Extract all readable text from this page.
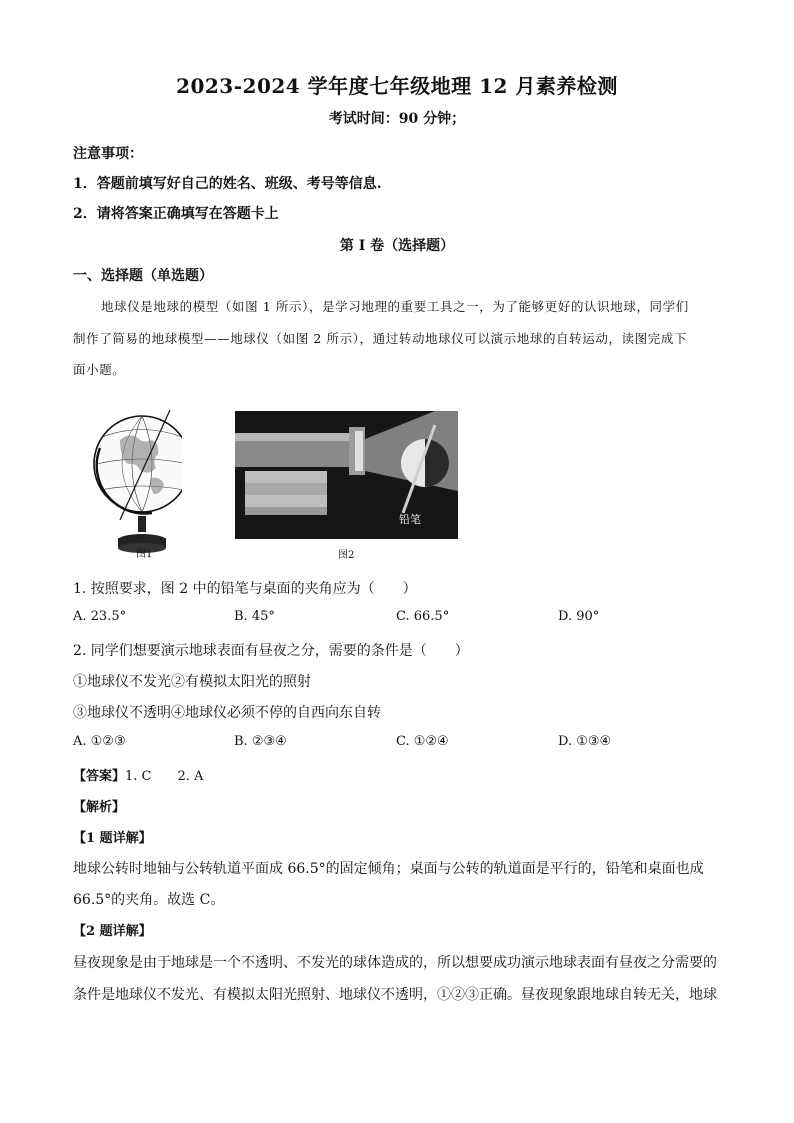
2023-2024 学年度七年级地理 12 月素养检测
考试时间：90 分钟；
注意事项：
1．答题前填写好自己的姓名、班级、考号等信息.
2．请将答案正确填写在答题卡上
第 I 卷（选择题）
一、选择题（单选题）
地球仪是地球的模型（如图 1 所示），是学习地理的重要工具之一，为了能够更好的认识地球，同学们
制作了简易的地球模型——地球仪（如图 2 所示），通过转动地球仪可以演示地球的自转运动，读图完成下
面小题。
图1
铅笔
图2
1. 按照要求，图 2 中的铅笔与桌面的夹角应为（　　）
A. 23.5°	B. 45°	C. 66.5°	D. 90°
2. 同学们想要演示地球表面有昼夜之分，需要的条件是（　　）
①地球仪不发光②有模拟太阳光的照射
③地球仪不透明④地球仪必须不停的自西向东自转
A. ①②③	B. ②③④	C. ①②④	D. ①③④
【答案】1. C　　2. A
【解析】
【1 题详解】
地球公转时地轴与公转轨道平面成 66.5°的固定倾角；桌面与公转的轨道面是平行的，铅笔和桌面也成
66.5°的夹角。故选 C。
【2 题详解】
昼夜现象是由于地球是一个不透明、不发光的球体造成的，所以想要成功演示地球表面有昼夜之分需要的
条件是地球仪不发光、有模拟太阳光照射、地球仪不透明，①②③正确。昼夜现象跟地球自转无关，地球
